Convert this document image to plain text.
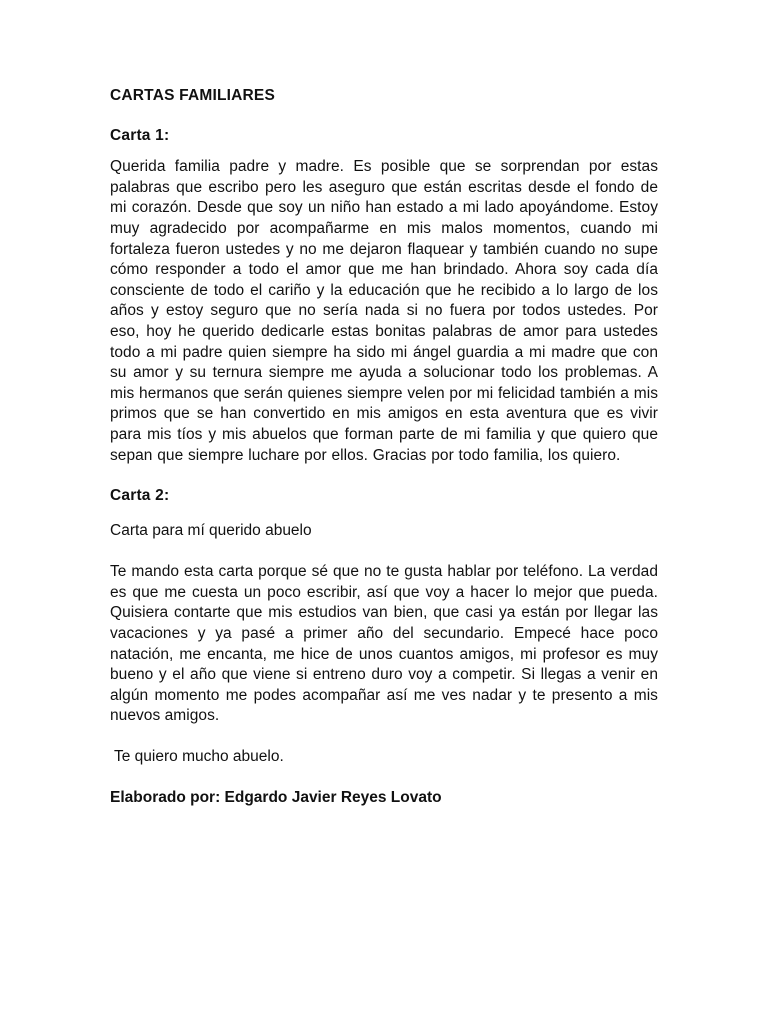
CARTAS FAMILIARES

Carta 1:

Querida familia padre y madre. Es posible que se sorprendan por estas palabras que escribo pero les aseguro que están escritas desde el fondo de mi corazón. Desde que soy un niño han estado a mi lado apoyándome. Estoy muy agradecido por acompañarme en mis malos momentos, cuando mi fortaleza fueron ustedes y no me dejaron flaquear y también cuando no supe cómo responder a todo el amor que me han brindado. Ahora soy cada día consciente de todo el cariño y la educación que he recibido a lo largo de los años y estoy seguro que no sería nada si no fuera por todos ustedes. Por eso, hoy he querido dedicarle estas bonitas palabras de amor para ustedes todo a mi padre quien siempre ha sido mi ángel guardia a mi madre que con su amor y su ternura siempre me ayuda a solucionar todo los problemas. A mis hermanos que serán quienes siempre velen por mi felicidad también a mis primos que se han convertido en mis amigos en esta aventura que es vivir para mis tíos y mis abuelos que forman parte de mi familia y que quiero que sepan que siempre luchare por ellos. Gracias por todo familia, los quiero.

Carta 2:

Carta para mí querido abuelo

Te mando esta carta porque sé que no te gusta hablar por teléfono. La verdad es que me cuesta un poco escribir, así que voy a hacer lo mejor que pueda. Quisiera contarte que mis estudios van bien, que casi ya están por llegar las vacaciones y ya pasé a primer año del secundario. Empecé hace poco natación, me encanta, me hice de unos cuantos amigos, mi profesor es muy bueno y el año que viene si entreno duro voy a competir. Si llegas a venir en algún momento me podes acompañar así me ves nadar y te presento a mis nuevos amigos.

Te quiero mucho abuelo.

Elaborado por: Edgardo Javier Reyes Lovato
